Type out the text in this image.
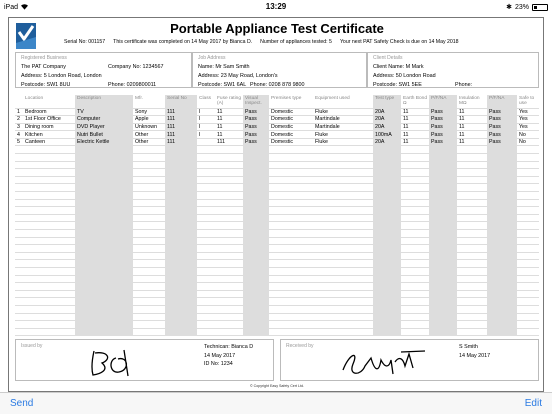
iPad	13:29	✱ 23%
Portable Appliance Test Certificate
Serial No: 001157 This certificate was completed on 14 May 2017 by Bianca D. Number of appliances tested: 5 Your next PAT Safety Check is due on 14 May 2018
Registered Business
The PAT Company	Company No: 1234567
Address: 5 London Road, London
Postcode: SW1 8UU	Phone: 0209800011
Job Address
Name: Mr Sam Smith
Address: 23 May Road, London's
Postcode: SW1 6AL Phone: 0208 878 9800
Client Details
Client Name: M Mark
Address: 50 London Road
Postcode: SW1 5EE	Phone:
	Location	Description	Mfr.	Serial No	Class	Fuse rating (A)	Visual Inspect.	Premises type	Equipment used	Test type	Earth Bond Ω	P/F/NA	Insulation MΩ	P/F/NA	Safe to use
1	Bedroom	TV	Sony	111	I	11	Pass	Domestic	Fluke	20A	11	Pass	11	Pass	Yes
2	1st Floor Office	Computer	Apple	111	I	11	Pass	Domestic	Martindale	20A	11	Pass	11	Pass	Yes
3	Dining room	DVD Player	Unknown	111	I	11	Pass	Domestic	Martindale	20A	11	Pass	11	Pass	Yes
4	Kitchen	Nutri Bullet	Other	111	I	11	Pass	Domestic	Fluke	100mA	11	Pass	11	Pass	No
5	Canteen	Electric Kettle	Other	111		111	Pass	Domestic	Fluke	20A	11	Pass	11	Pass	No

Issued by	Technican: Bianca D
14 May 2017
ID No: 1234
Received by	S Smith
14 May 2017
© Copyright Easy Safety Cert Ltd.
Send	Edit
